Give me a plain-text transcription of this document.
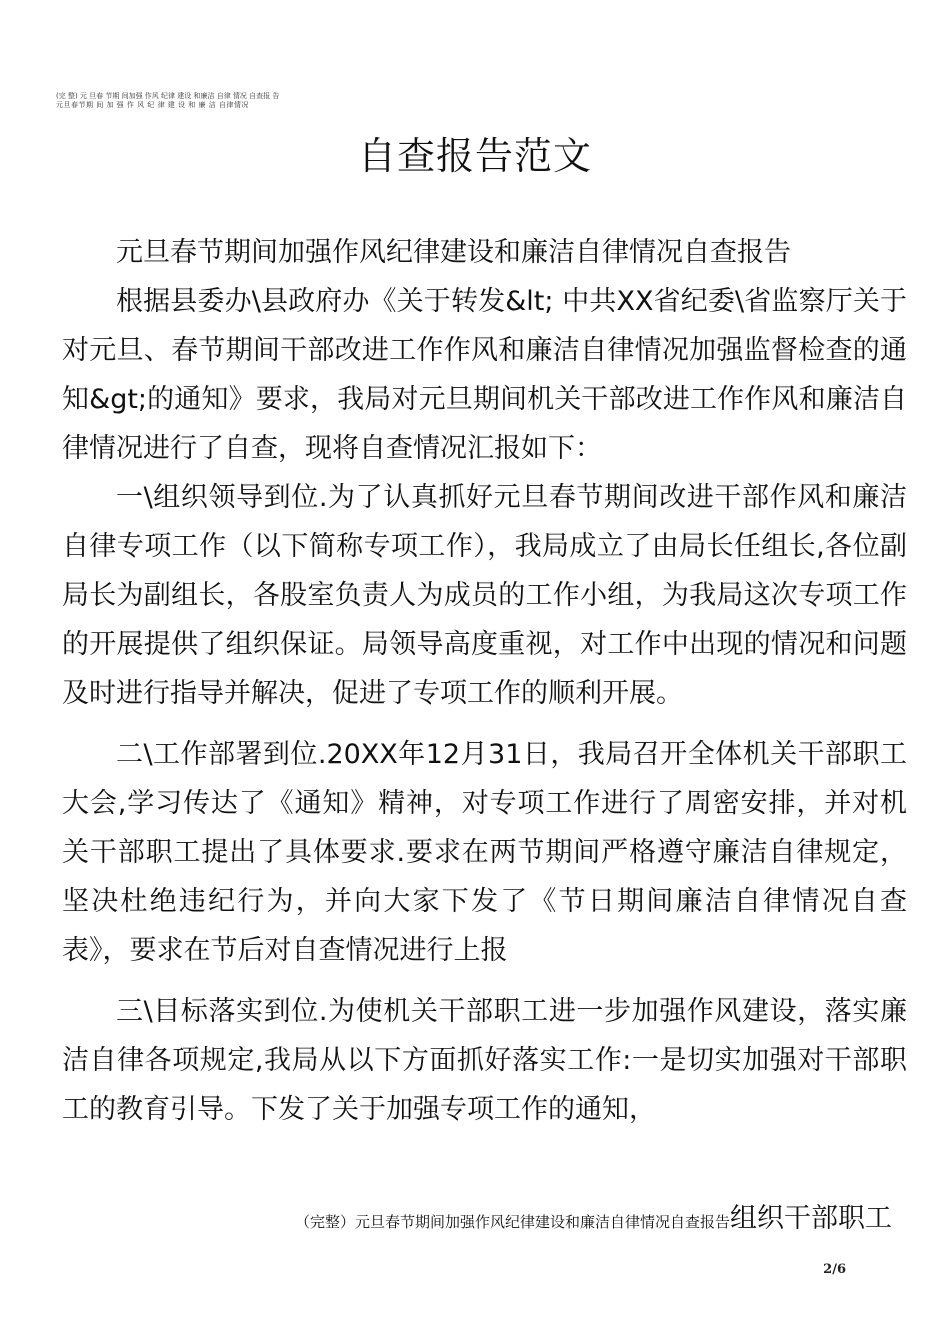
(完 整) 元 旦春 节期 间加强 作风 纪律 建设 和廉洁 自律 情况 自查报 告
元旦春节期 间 加 强 作 风 纪 律 建 设 和 廉 洁 自律情况
自查报告范文

元旦春节期间加强作风纪律建设和廉洁自律情况自查报告

根据县委办\县政府办《关于转发&lt; 中共XX省纪委\省监察厅关于对元旦、春节期间干部改进工作作风和廉洁自律情况加强监督检查的通知&gt;的通知》要求，我局对元旦期间机关干部改进工作作风和廉洁自律情况进行了自查，现将自查情况汇报如下：

一\组织领导到位.为了认真抓好元旦春节期间改进干部作风和廉洁自律专项工作（以下简称专项工作），我局成立了由局长任组长,各位副局长为副组长，各股室负责人为成员的工作小组，为我局这次专项工作的开展提供了组织保证。局领导高度重视，对工作中出现的情况和问题及时进行指导并解决，促进了专项工作的顺利开展。

二\工作部署到位.20XX年12月31日，我局召开全体机关干部职工大会,学习传达了《通知》精神，对专项工作进行了周密安排，并对机关干部职工提出了具体要求.要求在两节期间严格遵守廉洁自律规定，坚决杜绝违纪行为，并向大家下发了《节日期间廉洁自律情况自查表》，要求在节后对自查情况进行上报

三\目标落实到位.为使机关干部职工进一步加强作风建设，落实廉洁自律各项规定,我局从以下方面抓好落实工作:一是切实加强对干部职工的教育引导。下发了关于加强专项工作的通知，

（完整）元旦春节期间加强作风纪律建设和廉洁自律情况自查报告组织干部职工
2/6
